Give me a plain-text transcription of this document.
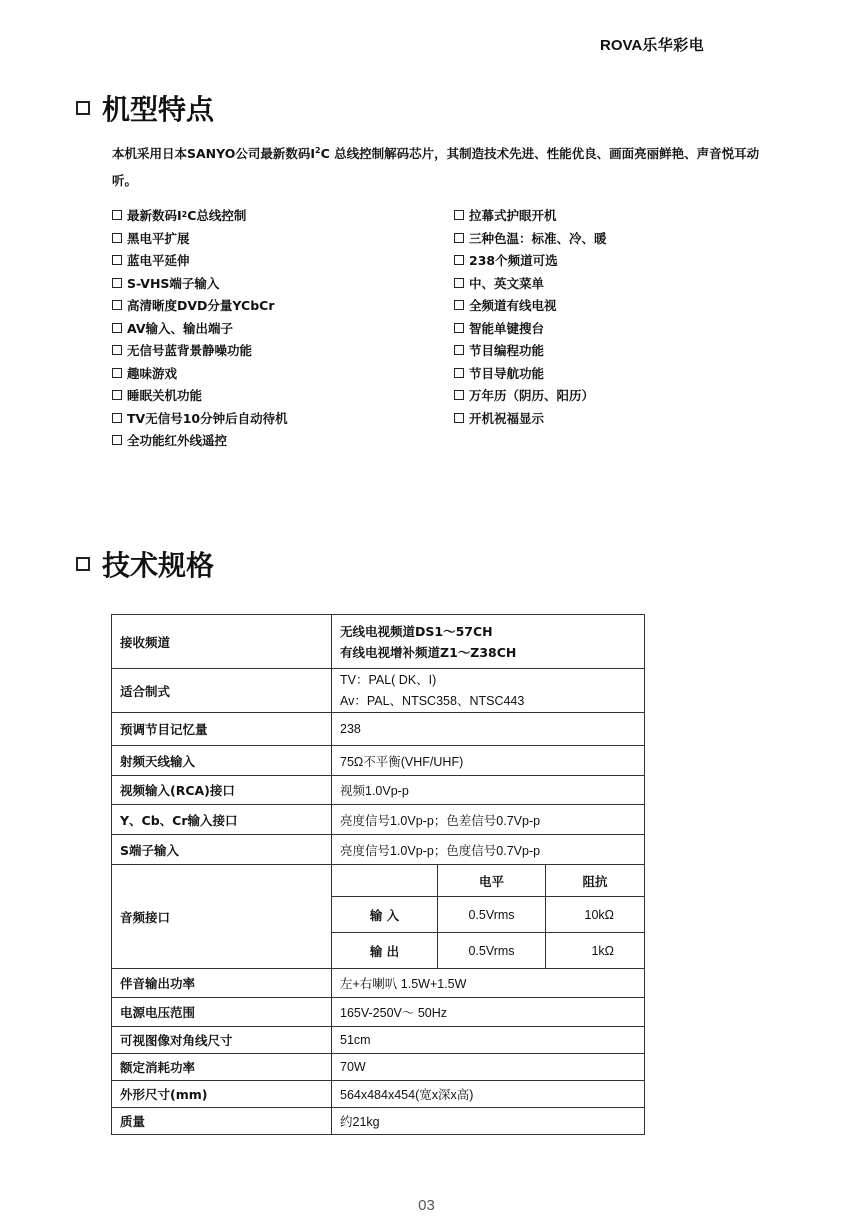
ROVA乐华彩电
机型特点
本机采用日本SANYO公司最新数码$I^2C$ 总线控制解码芯片，其制造技术先进、性能优良、画面亮丽鲜艳、声音悦耳动听。
最新数码I 2 C总线控制	拉幕式护眼开机
黑电平扩展	三种色温：标准、冷、暖
蓝电平延伸	238个频道可选
S-VHS端子输入	中、英文菜单
高清晰度DVD分量YCbCr	全频道有线电视
AV输入、输出端子	智能单键搜台
无信号蓝背景静噪功能	节目编程功能
趣味游戏	节目导航功能
睡眠关机功能	万年历（阴历、阳历）
TV无信号10分钟后自动待机	开机祝福显示
全功能红外线遥控
技术规格
接收频道	无线电视频道DS1～57CH
有线电视增补频道Z1～Z38CH		

适合制式	TV：PAL( DK、I)
Av：PAL、NTSC358、NTSC443		

预调节目记忆量	238		
射频天线输入	75Ω不平衡(VHF/UHF)		
视频输入(RCA)接口	视频1.0Vp-p		
Y、Cb、Cr输入接口	亮度信号1.0Vp-p；色差信号0.7Vp-p		
S端子输入	亮度信号1.0Vp-p；色度信号0.7Vp-p		
音频接口		电平	阻抗
	输 入	0.5Vrms	10kΩ
	输 出	0.5Vrms	1kΩ
伴音输出功率	左+右喇叭 1.5W+1.5W		
电源电压范围	165V-250V～ 50Hz		
可视图像对角线尺寸	51cm		
额定消耗功率	70W		
外形尺寸(mm)	564x484x454(宽x深x高)		
质量	约21kg		
03
